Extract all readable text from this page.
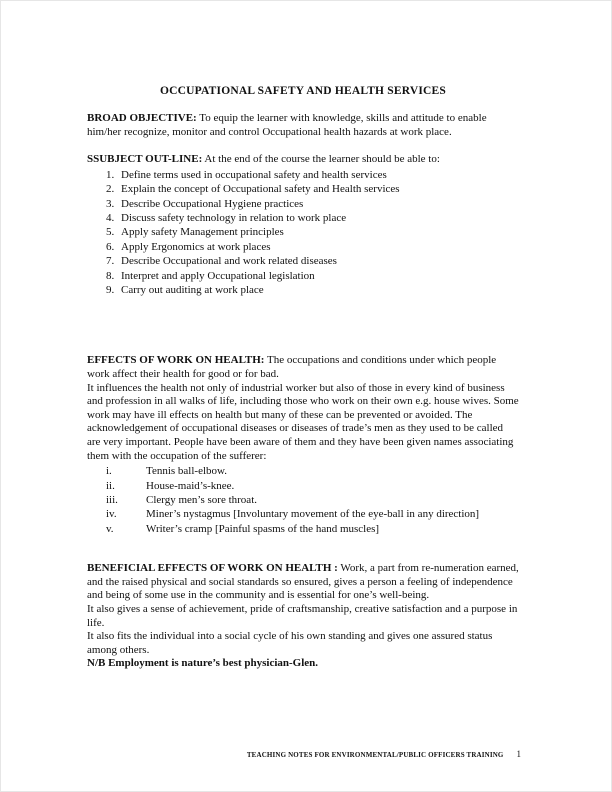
OCCUPATIONAL SAFETY AND HEALTH SERVICES

BROAD OBJECTIVE: To equip the learner with knowledge, skills and attitude to enable him/her recognize, monitor and control Occupational health hazards at work place.

SSUBJECT OUT-LINE: At the end of the course the learner should be able to:

1. Define terms used in occupational safety and health services
2. Explain the concept of Occupational safety and Health services
3. Describe Occupational Hygiene practices
4. Discuss safety technology in relation to work place
5. Apply safety Management principles
6. Apply Ergonomics at work places
7. Describe Occupational and work related diseases
8. Interpret and apply Occupational legislation
9. Carry out auditing at work place

EFFECTS OF WORK ON HEALTH: The occupations and conditions under which people work affect their health for good or for bad.

It influences the health not only of industrial worker but also of those in every kind of business and profession in all walks of life, including those who work on their own e.g. house wives. Some work may have ill effects on health but many of these can be prevented or avoided. The acknowledgement of occupational diseases or diseases of trade’s men as they used to be called are very important. People have been aware of them and they have been given names associating them with the occupation of the sufferer:

i.	Tennis ball-elbow.
ii.	House-maid’s-knee.
iii.	Clergy men’s sore throat.
iv.	Miner’s nystagmus [Involuntary movement of the eye-ball in any direction]
v.	Writer’s cramp [Painful spasms of the hand muscles]

BENEFICIAL EFFECTS OF WORK ON HEALTH : Work, a part from re-numeration earned, and the raised physical and social standards so ensured, gives a person a feeling of independence and being of some use in the community and is essential for one’s well-being.

It also gives a sense of achievement, pride of craftsmanship, creative satisfaction and a purpose in life.

It also fits the individual into a social cycle of his own standing and gives one assured status among others.

N/B Employment is nature’s best physician-Glen.

TEACHING NOTES FOR ENVIRONMENTAL/PUBLIC OFFICERS TRAINING 1
